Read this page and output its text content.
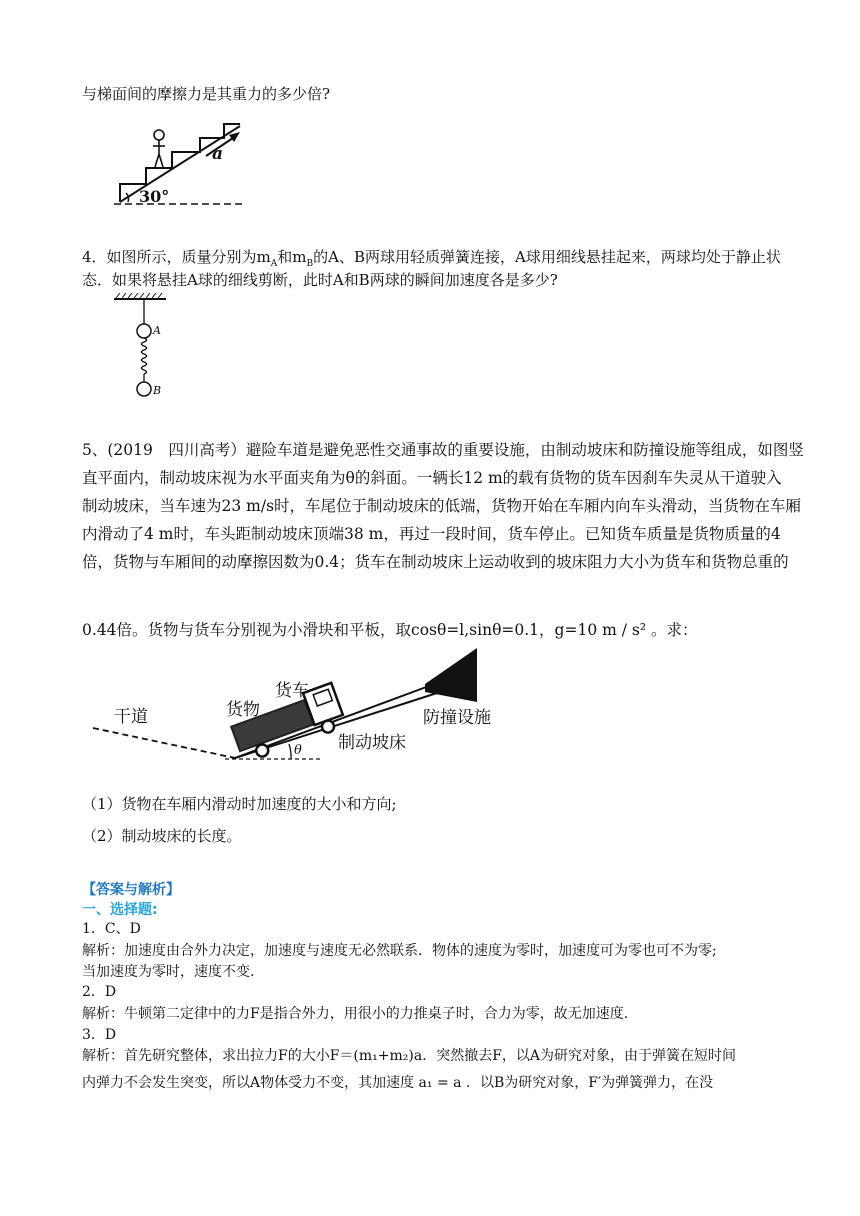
与梯面间的摩擦力是其重力的多少倍?
30°
a
4．如图所示，质量分别为$m_A$和$m_B$的A、B两球用轻质弹簧连接，A球用细线悬挂起来，两球均处于静止状
态．如果将悬挂A球的细线剪断，此时A和B两球的瞬间加速度各是多少?
A
B
5、(2019　四川高考）避险车道是避免恶性交通事故的重要设施，由制动坡床和防撞设施等组成，如图竖
直平面内，制动坡床视为水平面夹角为θ的斜面。一辆长12 m的载有货物的货车因刹车失灵从干道驶入
制动坡床，当车速为23 m/s时，车尾位于制动坡床的低端，货物开始在车厢内向车头滑动，当货物在车厢
内滑动了4 m时，车头距制动坡床顶端38 m，再过一段时间，货车停止。已知货车质量是货物质量的4
倍，货物与车厢间的动摩擦因数为0.4；货车在制动坡床上运动收到的坡床阻力大小为货车和货物总重的
0.44倍。货物与货车分别视为小滑块和平板，取cosθ=l,sinθ=0.1，g=10 m / s² 。求：
干道	货物
货车
制动坡床
防撞设施
θ
（1）货物在车厢内滑动时加速度的大小和方向;
（2）制动坡床的长度。
【答案与解析】
一、选择题:
1．C、D
解析：加速度由合外力决定，加速度与速度无必然联系．物体的速度为零时，加速度可为零也可不为零;
当加速度为零时，速度不变.
2．D
解析：牛顿第二定律中的力F是指合外力，用很小的力推桌子时，合力为零，故无加速度.
3．D
解析：首先研究整体，求出拉力F的大小F＝(m₁+m₂)a．突然撤去F，以A为研究对象，由于弹簧在短时间
内弹力不会发生突变，所以A物体受力不变，其加速度 a₁ = a ．以B为研究对象，F′为弹簧弹力，在没
